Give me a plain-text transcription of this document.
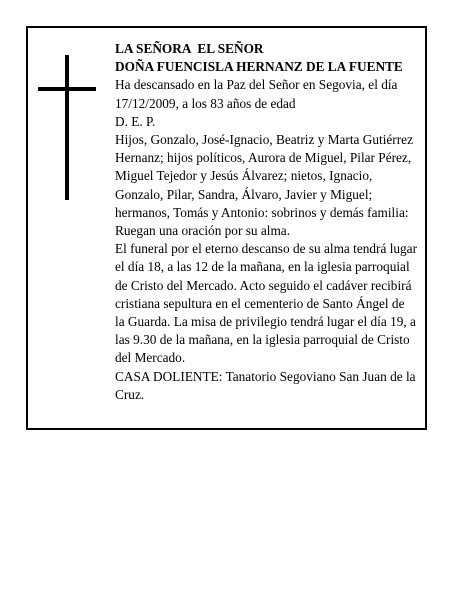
LA SEÑORA  EL SEÑOR

DOÑA FUENCISLA HERNANZ DE LA FUENTE

Ha descansado en la Paz del Señor en Segovia, el día 17/12/2009, a los 83 años de edad

D. E. P.

Hijos, Gonzalo, José-Ignacio, Beatriz y Marta Gutiérrez Hernanz; hijos políticos, Aurora de Miguel, Pilar Pérez, Miguel Tejedor y Jesús Álvarez; nietos, Ignacio, Gonzalo, Pilar, Sandra, Álvaro, Javier y Miguel; hermanos, Tomás y Antonio: sobrinos y demás familia:

Ruegan una oración por su alma.

El funeral por el eterno descanso de su alma tendrá lugar el día 18, a las 12 de la mañana, en la iglesia parroquial de Cristo del Mercado. Acto seguido el cadáver recibirá cristiana sepultura en el cementerio de Santo Ángel de la Guarda. La misa de privilegio tendrá lugar el día 19, a las 9.30 de la mañana, en la iglesia parroquial de Cristo del Mercado.

CASA DOLIENTE: Tanatorio Segoviano San Juan de la Cruz.
